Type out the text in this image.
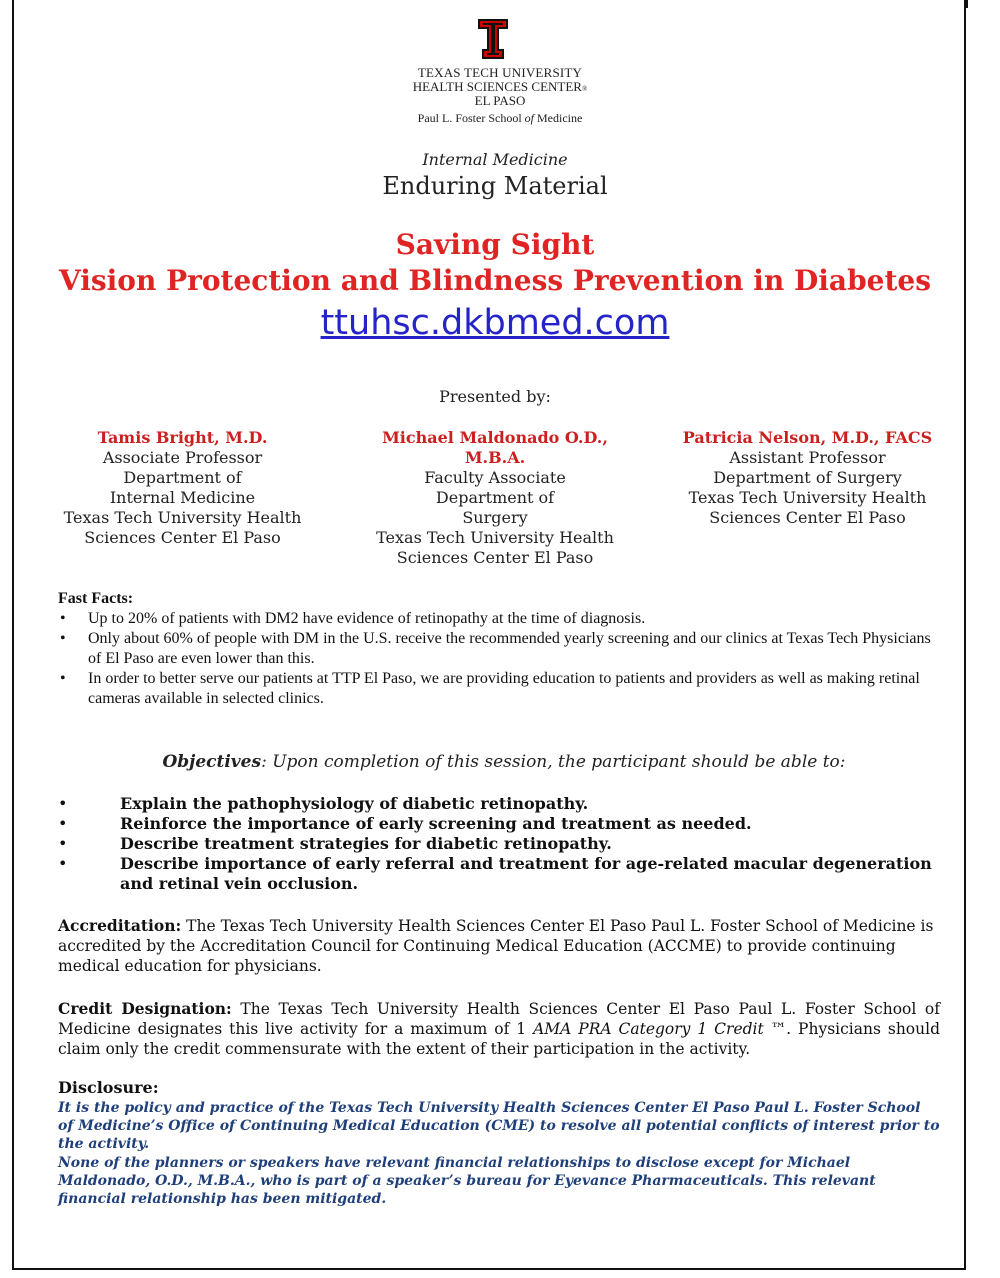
TEXAS TECH UNIVERSITY
HEALTH SCIENCES CENTER®
EL PASO
Paul L. Foster School of Medicine
Internal Medicine
Enduring Material
Saving Sight
Vision Protection and Blindness Prevention in Diabetes
ttuhsc.dkbmed.com
Presented by:
Tamis Bright, M.D.
Associate Professor
Department of
Internal Medicine
Texas Tech University Health
Sciences Center El Paso
Michael Maldonado O.D., M.B.A.
Faculty Associate
Department of
Surgery
Texas Tech University Health
Sciences Center El Paso
Patricia Nelson, M.D., FACS
Assistant Professor
Department of Surgery
Texas Tech University Health
Sciences Center El Paso
Fast Facts:
• Up to 20% of patients with DM2 have evidence of retinopathy at the time of diagnosis.
• Only about 60% of people with DM in the U.S. receive the recommended yearly screening and our clinics at Texas Tech Physicians of El Paso are even lower than this.
• In order to better serve our patients at TTP El Paso, we are providing education to patients and providers as well as making retinal cameras available in selected clinics.
Objectives: Upon completion of this session, the participant should be able to:
• Explain the pathophysiology of diabetic retinopathy.
• Reinforce the importance of early screening and treatment as needed.
• Describe treatment strategies for diabetic retinopathy.
• Describe importance of early referral and treatment for age-related macular degeneration and retinal vein occlusion.
Accreditation: The Texas Tech University Health Sciences Center El Paso Paul L. Foster School of Medicine is accredited by the Accreditation Council for Continuing Medical Education (ACCME) to provide continuing medical education for physicians.
Credit Designation: The Texas Tech University Health Sciences Center El Paso Paul L. Foster School of Medicine designates this live activity for a maximum of 1 AMA PRA Category 1 Credit ™. Physicians should claim only the credit commensurate with the extent of their participation in the activity.
Disclosure:
It is the policy and practice of the Texas Tech University Health Sciences Center El Paso Paul L. Foster School of Medicine’s Office of Continuing Medical Education (CME) to resolve all potential conflicts of interest prior to the activity.
None of the planners or speakers have relevant financial relationships to disclose except for Michael Maldonado, O.D., M.B.A., who is part of a speaker’s bureau for Eyevance Pharmaceuticals. This relevant financial relationship has been mitigated.
